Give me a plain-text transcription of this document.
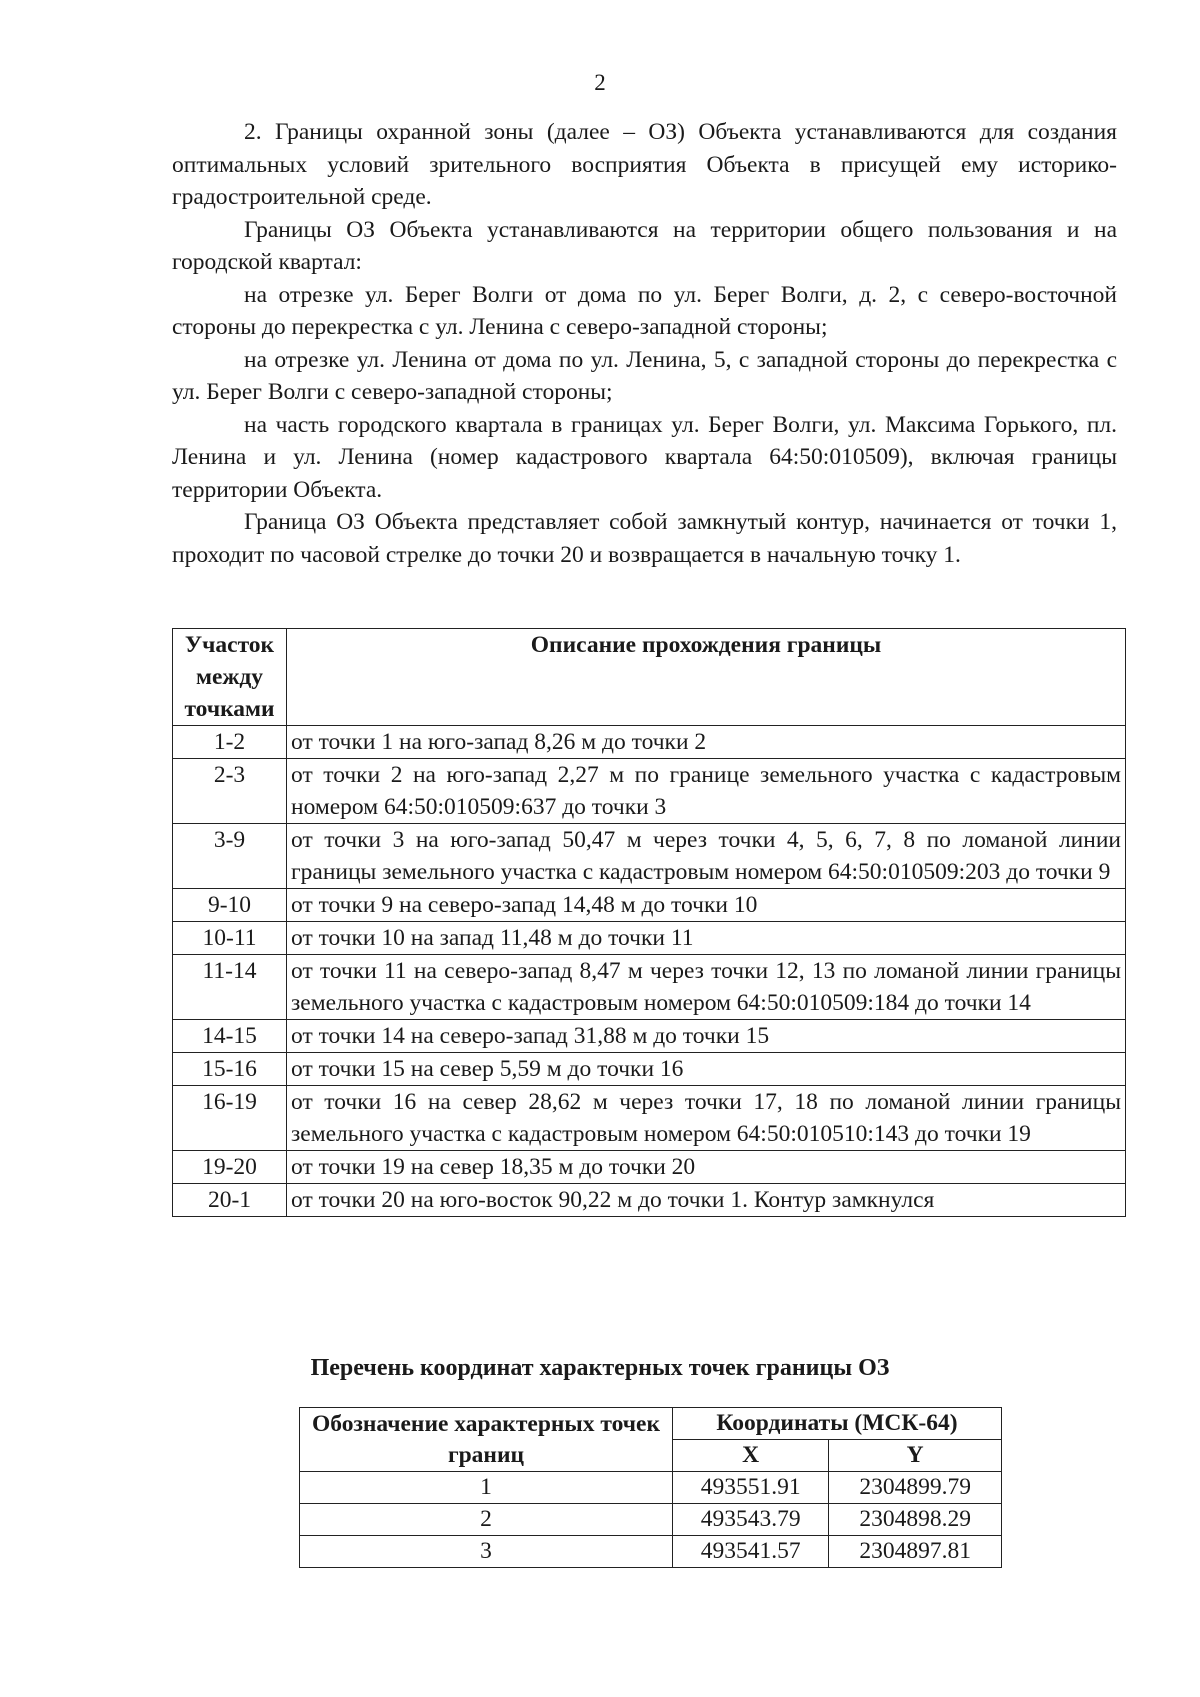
2

2. Границы охранной зоны (далее – ОЗ) Объекта устанавливаются для создания оптимальных условий зрительного восприятия Объекта в присущей ему историко-градостроительной среде.

Границы ОЗ Объекта устанавливаются на территории общего пользования и на городской квартал:

на отрезке ул. Берег Волги от дома по ул. Берег Волги, д. 2, с северо-восточной стороны до перекрестка с ул. Ленина с северо-западной стороны;

на отрезке ул. Ленина от дома по ул. Ленина, 5, с западной стороны до перекрестка с ул. Берег Волги с северо-западной стороны;

на часть городского квартала в границах ул. Берег Волги, ул. Максима Горького, пл. Ленина и ул. Ленина (номер кадастрового квартала 64:50:010509), включая границы территории Объекта.

Граница ОЗ Объекта представляет собой замкнутый контур, начинается от точки 1, проходит по часовой стрелке до точки 20 и возвращается в начальную точку 1.

Участок между точками	Описание прохождения границы
1-2	от точки 1 на юго-запад 8,26 м до точки 2
2-3	от точки 2 на юго-запад 2,27 м по границе земельного участка с кадастровым номером 64:50:010509:637 до точки 3
3-9	от точки 3 на юго-запад 50,47 м через точки 4, 5, 6, 7, 8 по ломаной линии границы земельного участка с кадастровым номером 64:50:010509:203 до точки 9
9-10	от точки 9 на северо-запад 14,48 м до точки 10
10-11	от точки 10 на запад 11,48 м до точки 11
11-14	от точки 11 на северо-запад 8,47 м через точки 12, 13 по ломаной линии границы земельного участка с кадастровым номером 64:50:010509:184 до точки 14
14-15	от точки 14 на северо-запад 31,88 м до точки 15
15-16	от точки 15 на север 5,59 м до точки 16
16-19	от точки 16 на север 28,62 м через точки 17, 18 по ломаной линии границы земельного участка с кадастровым номером 64:50:010510:143 до точки 19
19-20	от точки 19 на север 18,35 м до точки 20
20-1	от точки 20 на юго-восток 90,22 м до точки 1. Контур замкнулся
Перечень координат характерных точек границы ОЗ
Обозначение характерных точек границ	Координаты (МСК-64)	
	X	Y
1	493551.91	2304899.79
2	493543.79	2304898.29
3	493541.57	2304897.81
